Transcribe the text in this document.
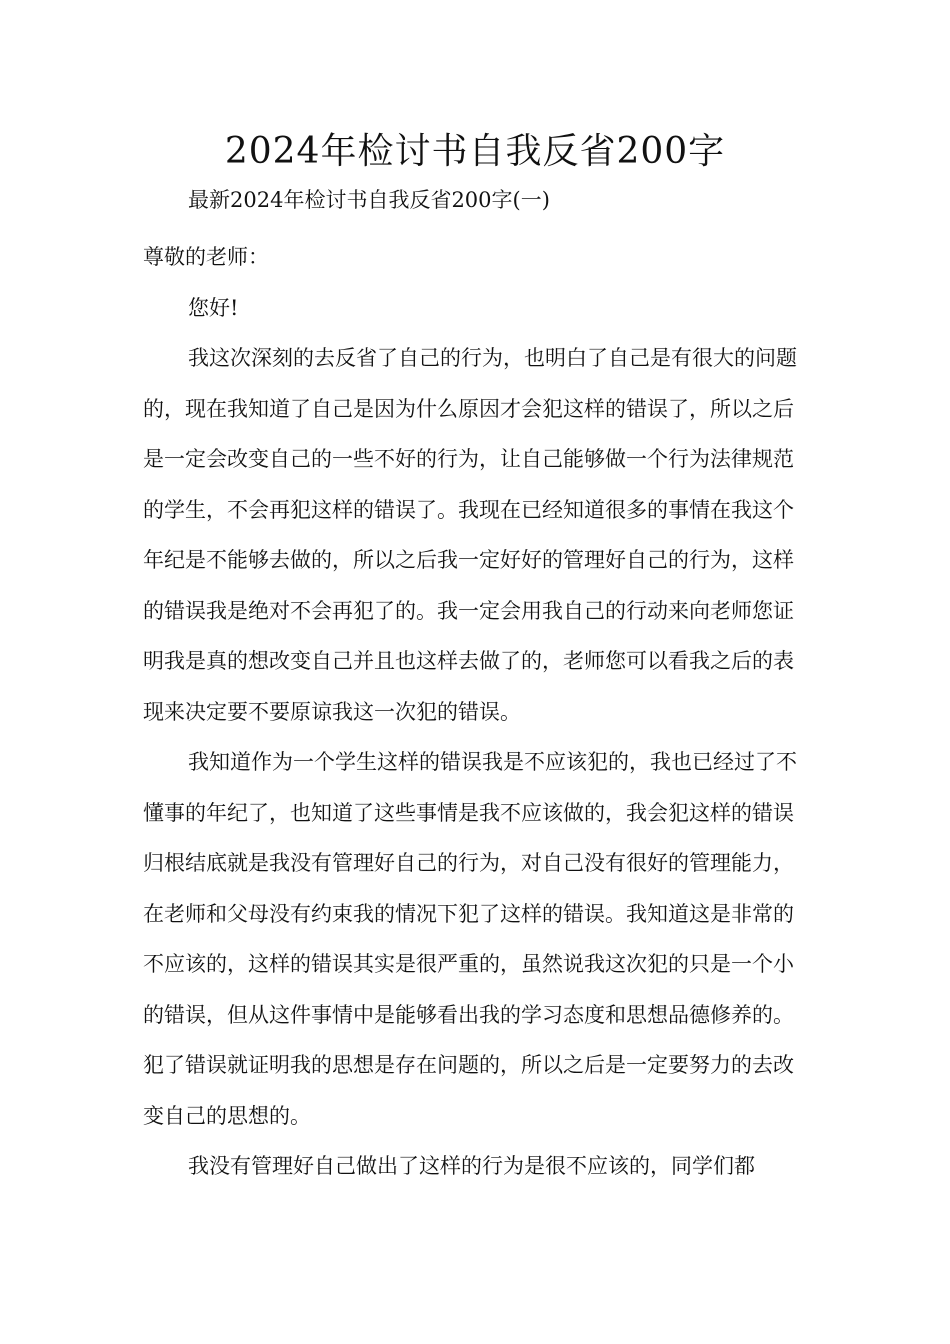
2024年检讨书自我反省200字
最新2024年检讨书自我反省200字(一)

尊敬的老师：

您好!

我这次深刻的去反省了自己的行为，也明白了自己是有很大的问题的，现在我知道了自己是因为什么原因才会犯这样的错误了，所以之后是一定会改变自己的一些不好的行为，让自己能够做一个行为法律规范的学生，不会再犯这样的错误了。我现在已经知道很多的事情在我这个年纪是不能够去做的，所以之后我一定好好的管理好自己的行为，这样的错误我是绝对不会再犯了的。我一定会用我自己的行动来向老师您证明我是真的想改变自己并且也这样去做了的，老师您可以看我之后的表现来决定要不要原谅我这一次犯的错误。

我知道作为一个学生这样的错误我是不应该犯的，我也已经过了不懂事的年纪了，也知道了这些事情是我不应该做的，我会犯这样的错误归根结底就是我没有管理好自己的行为，对自己没有很好的管理能力，在老师和父母没有约束我的情况下犯了这样的错误。我知道这是非常的不应该的，这样的错误其实是很严重的，虽然说我这次犯的只是一个小的错误，但从这件事情中是能够看出我的学习态度和思想品德修养的。犯了错误就证明我的思想是存在问题的，所以之后是一定要努力的去改变自己的思想的。

我没有管理好自己做出了这样的行为是很不应该的，同学们都
